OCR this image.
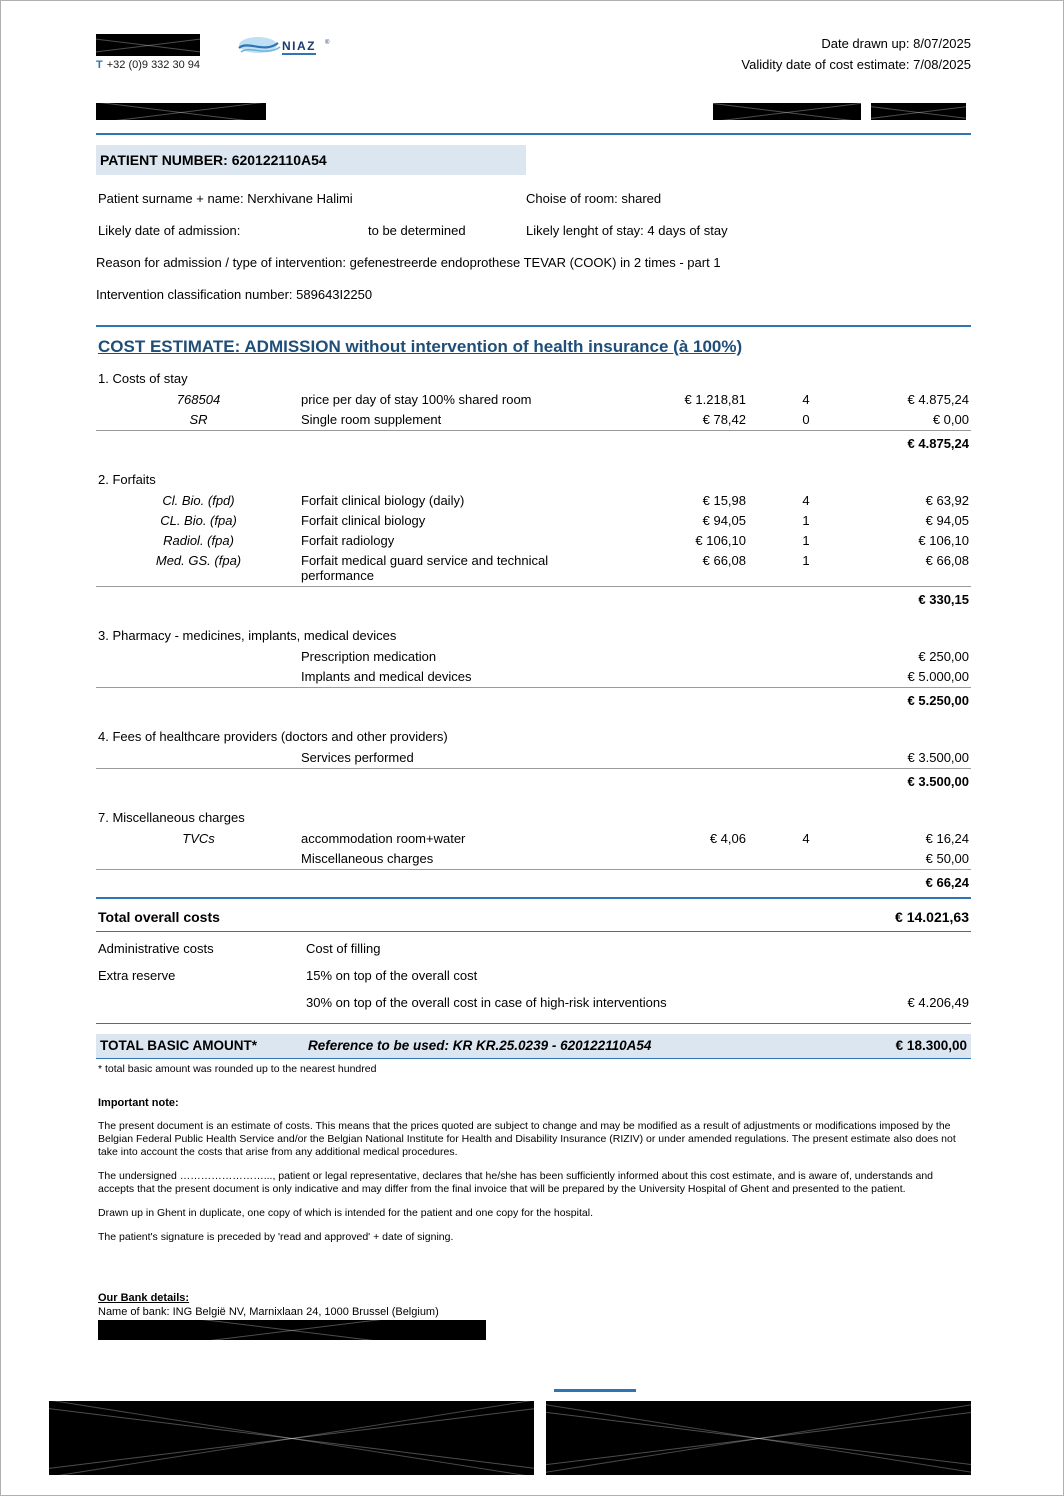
T +32 (0)9 332 30 94
NIAZ ®	Date drawn up: 8/07/2025
Validity date of cost estimate: 7/08/2025
PATIENT NUMBER: 620122110A54
Patient surname + name: Nerxhivane Halimi	Choise of room: shared
Likely date of admission:	to be determined	Likely lenght of stay: 4 days of stay
Reason for admission / type of intervention: gefenestreerde endoprothese TEVAR (COOK) in 2 times - part 1
Intervention classification number: 589643I2250
COST ESTIMATE: ADMISSION without intervention of health insurance (à 100%)
1. Costs of stay
768504	price per day of stay 100% shared room	€ 1.218,81	4	€ 4.875,24
SR	Single room supplement	€ 78,42	0	€ 0,00
				€ 4.875,24
2. Forfaits
Cl. Bio. (fpd)	Forfait clinical biology (daily)	€ 15,98	4	€ 63,92
CL. Bio. (fpa)	Forfait clinical biology	€ 94,05	1	€ 94,05
Radiol. (fpa)	Forfait radiology	€ 106,10	1	€ 106,10
Med. GS. (fpa)	Forfait medical guard service and technical performance	€ 66,08	1	€ 66,08
				€ 330,15
3. Pharmacy - medicines, implants, medical devices
	Prescription medication			€ 250,00
	Implants and medical devices			€ 5.000,00
				€ 5.250,00
4. Fees of healthcare providers (doctors and other providers)
	Services performed			€ 3.500,00
				€ 3.500,00
7. Miscellaneous charges
TVCs	accommodation room+water	€ 4,06	4	€ 16,24
	Miscellaneous charges			€ 50,00
				€ 66,24
Total overall costs	€ 14.021,63
Administrative costs	Cost of filling
Extra reserve	15% on top of the overall cost
30% on top of the overall cost in case of high-risk interventions	€ 4.206,49
TOTAL BASIC AMOUNT*	Reference to be used: KR KR.25.0239 - 620122110A54	€ 18.300,00
* total basic amount was rounded up to the nearest hundred
Important note:
The present document is an estimate of costs. This means that the prices quoted are subject to change and may be modified as a result of adjustments or modifications imposed by the Belgian Federal Public Health Service and/or the Belgian National Institute for Health and Disability Insurance (RIZIV) or under amended regulations. The present estimate also does not take into account the costs that arise from any additional medical procedures.
The undersigned ……………………..., patient or legal representative, declares that he/she has been sufficiently informed about this cost estimate, and is aware of, understands and accepts that the present document is only indicative and may differ from the final invoice that will be prepared by the University Hospital of Ghent and presented to the patient.
Drawn up in Ghent in duplicate, one copy of which is intended for the patient and one copy for the hospital.
The patient's signature is preceded by 'read and approved' + date of signing.
Our Bank details:
Name of bank: ING België NV, Marnixlaan 24, 1000 Brussel (Belgium)
